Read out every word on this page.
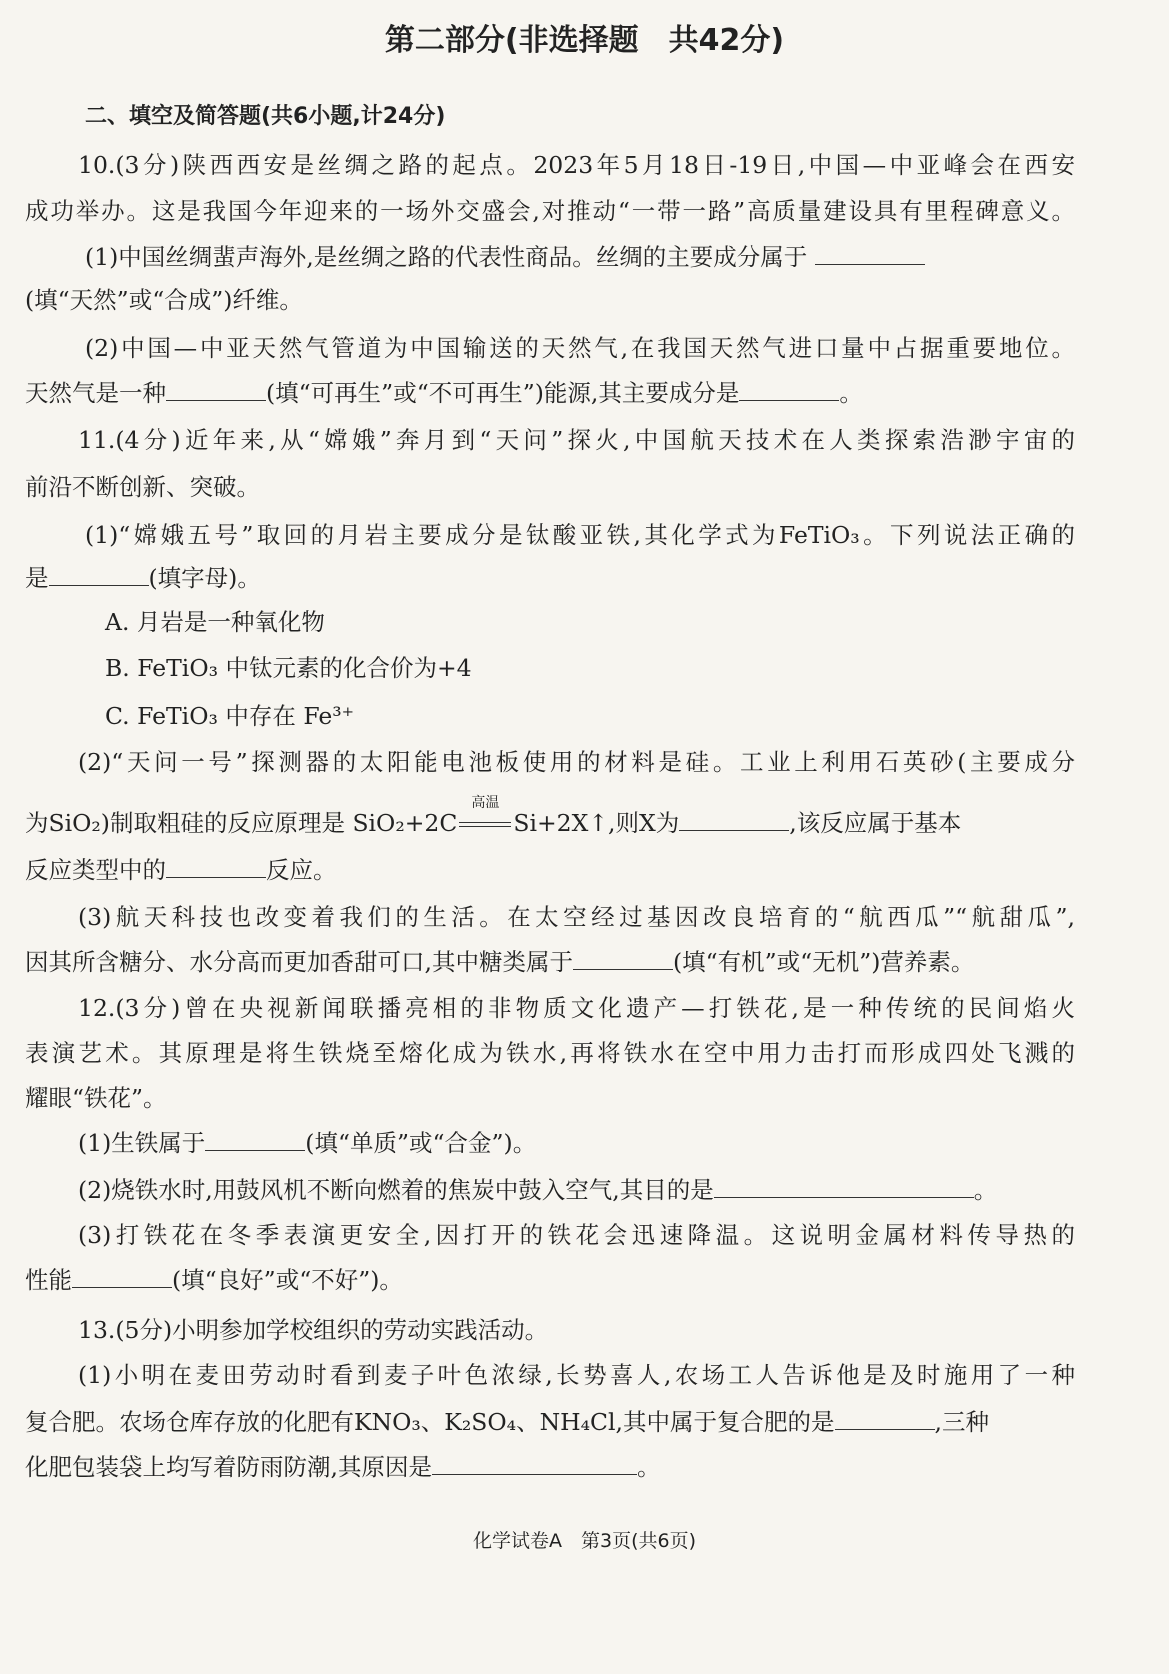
第二部分(非选择题　共42分)
二、填空及简答题(共6小题,计24分)
10.(3分)陕西西安是丝绸之路的起点。2023年5月18日-19日,中国—中亚峰会在西安
成功举办。这是我国今年迎来的一场外交盛会,对推动“一带一路”高质量建设具有里程碑意义。
(1)中国丝绸蜚声海外,是丝绸之路的代表性商品。丝绸的主要成分属于
(填“天然”或“合成”)纤维。
(2)中国—中亚天然气管道为中国输送的天然气,在我国天然气进口量中占据重要地位。
天然气是一种	(填“可再生”或“不可再生”)能源,其主要成分是	。
11.(4分)近年来,从“嫦娥”奔月到“天问”探火,中国航天技术在人类探索浩渺宇宙的
前沿不断创新、突破。
(1)“嫦娥五号”取回的月岩主要成分是钛酸亚铁,其化学式为FeTiO₃。下列说法正确的
是	(填字母)。
A. 月岩是一种氧化物
B. FeTiO₃ 中钛元素的化合价为+4
C. FeTiO₃ 中存在 Fe³⁺
(2)“天问一号”探测器的太阳能电池板使用的材料是硅。工业上利用石英砂(主要成分
为SiO₂)制取粗硅的反应原理是 SiO₂+2C
高温
Si+2X↑,则X为	,该反应属于基本
反应类型中的	反应。
(3)航天科技也改变着我们的生活。在太空经过基因改良培育的“航西瓜”“航甜瓜”,
因其所含糖分、水分高而更加香甜可口,其中糖类属于	(填“有机”或“无机”)营养素。
12.(3分)曾在央视新闻联播亮相的非物质文化遗产—打铁花,是一种传统的民间焰火
表演艺术。其原理是将生铁烧至熔化成为铁水,再将铁水在空中用力击打而形成四处飞溅的
耀眼“铁花”。
(1)生铁属于	(填“单质”或“合金”)。
(2)烧铁水时,用鼓风机不断向燃着的焦炭中鼓入空气,其目的是	。
(3)打铁花在冬季表演更安全,因打开的铁花会迅速降温。这说明金属材料传导热的
性能	(填“良好”或“不好”)。
13.(5分)小明参加学校组织的劳动实践活动。
(1)小明在麦田劳动时看到麦子叶色浓绿,长势喜人,农场工人告诉他是及时施用了一种
复合肥。农场仓库存放的化肥有KNO₃、K₂SO₄、NH₄Cl,其中属于复合肥的是	,三种
化肥包装袋上均写着防雨防潮,其原因是	。
化学试卷A　第3页(共6页)
